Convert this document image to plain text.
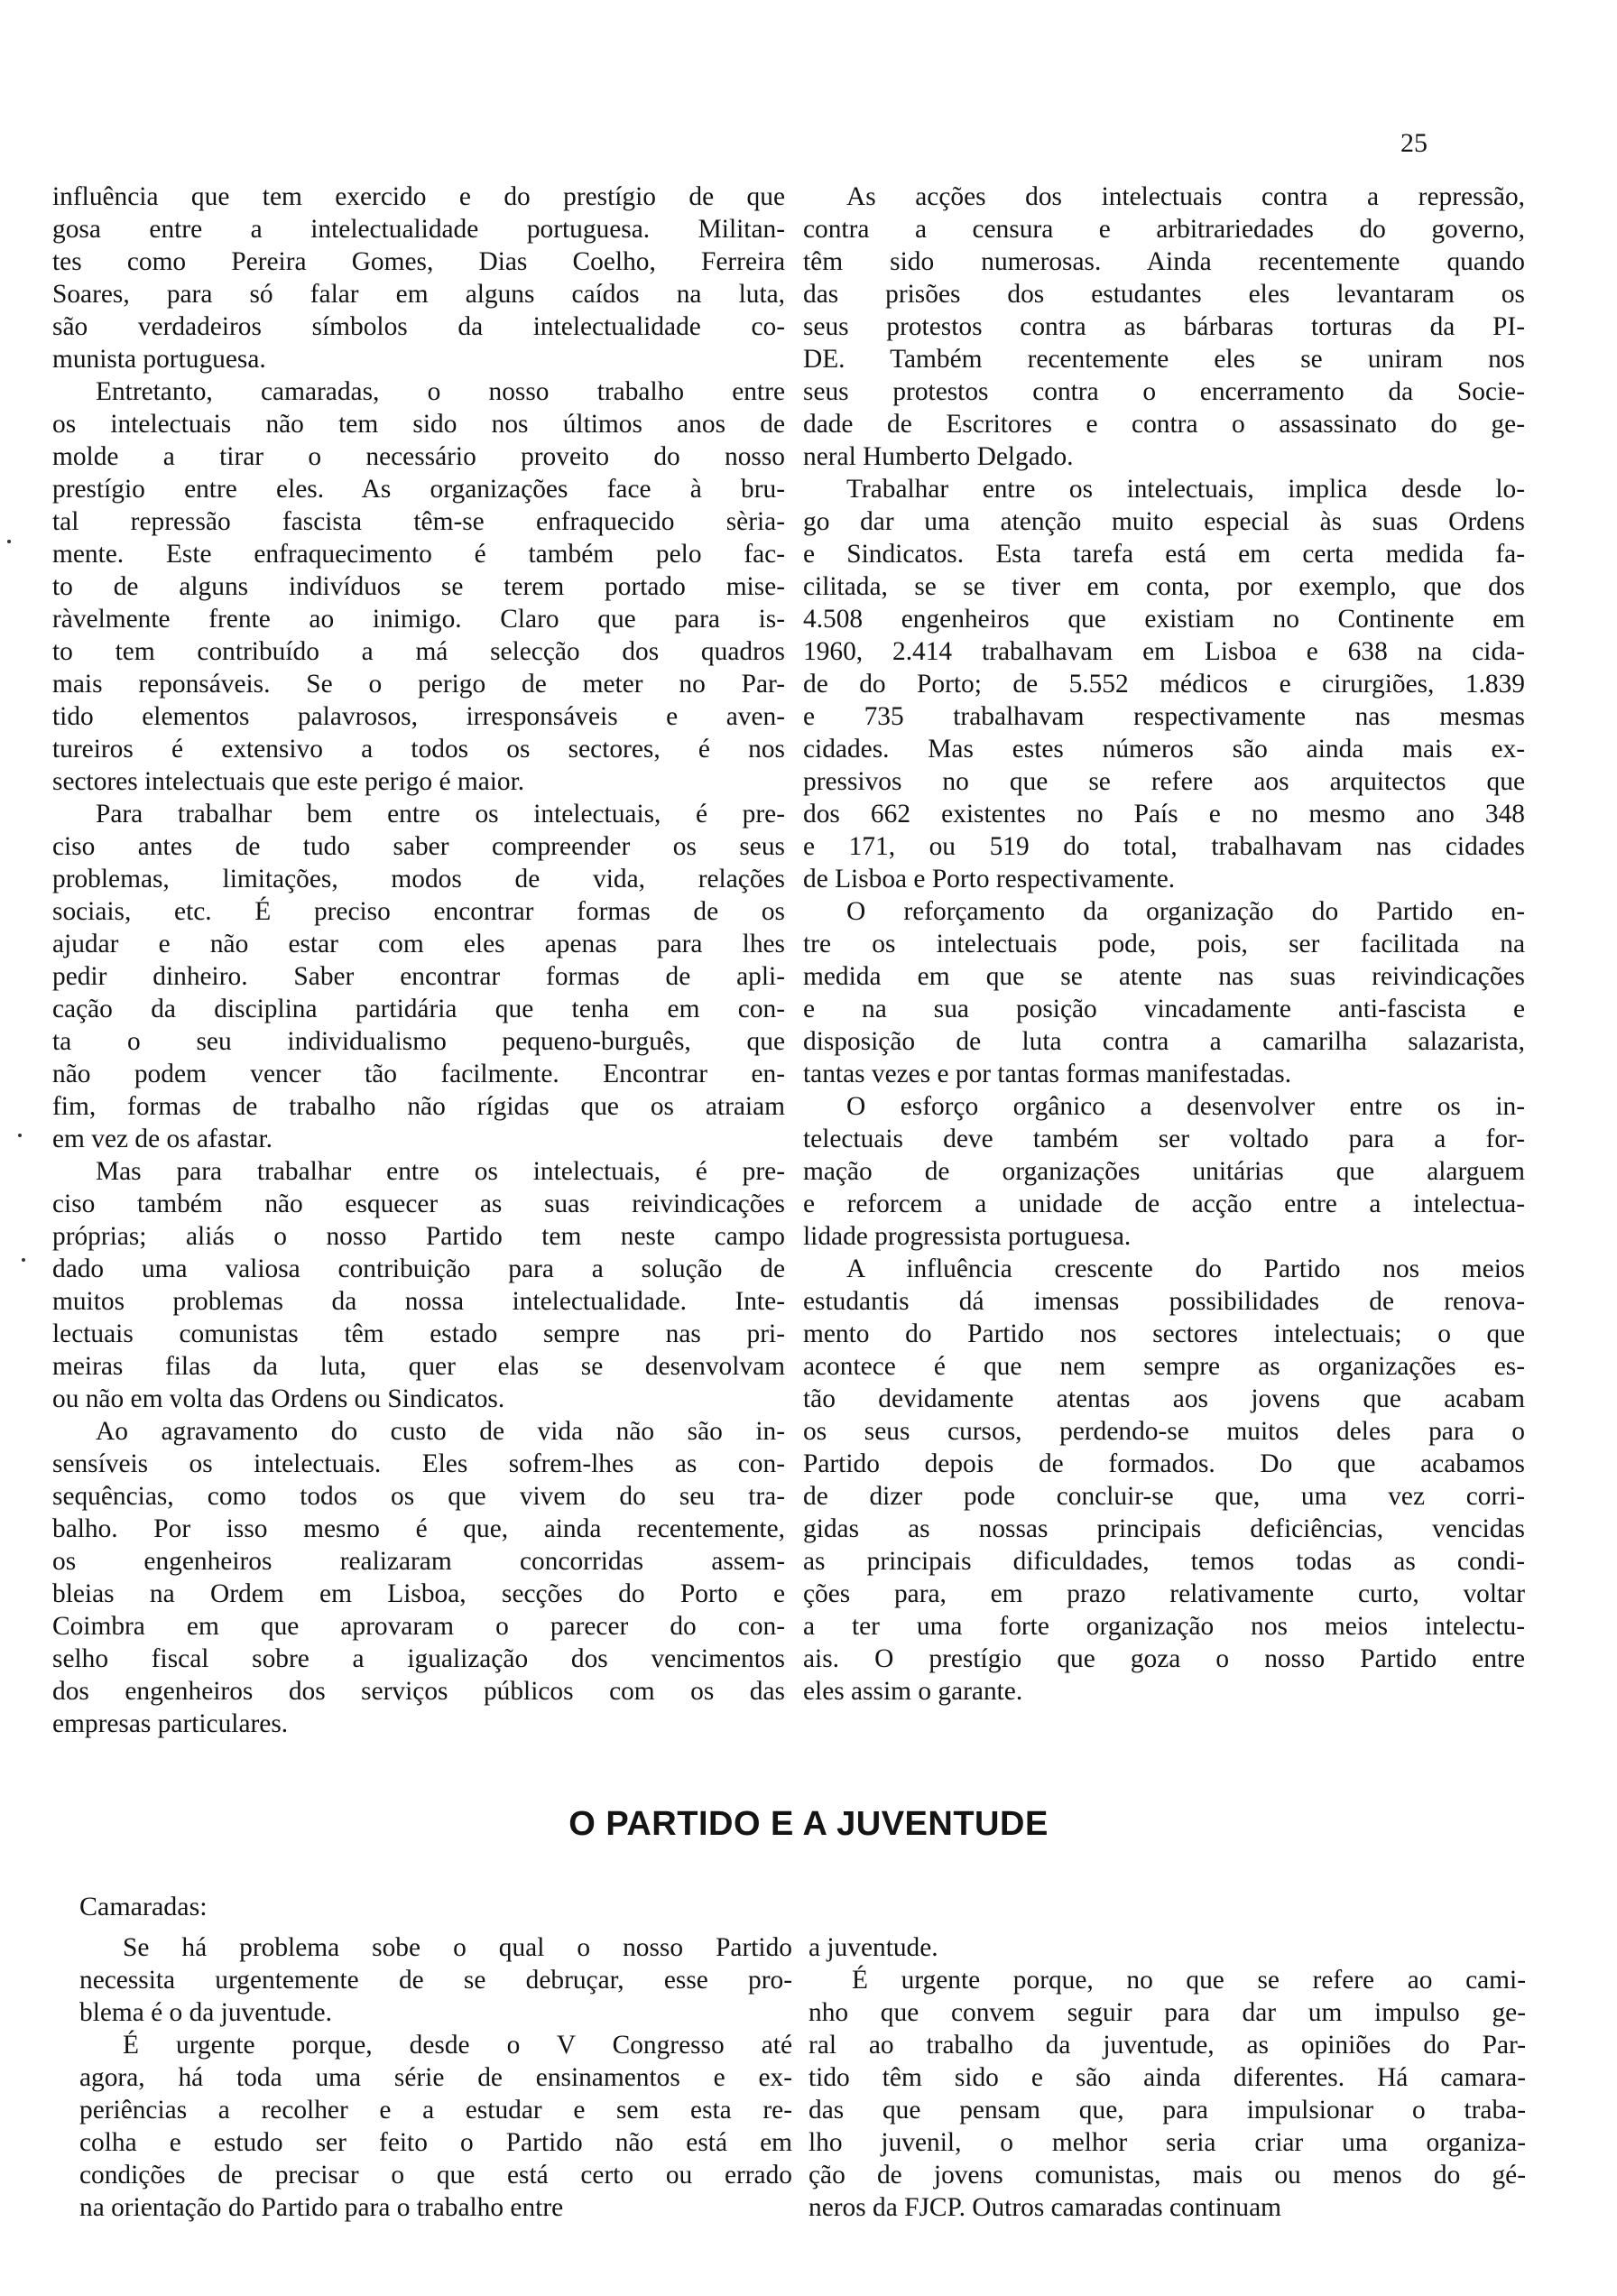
25

influência que tem exercido e do prestígio de que
gosa entre a intelectualidade portuguesa. Militan-
tes como Pereira Gomes, Dias Coelho, Ferreira
Soares, para só falar em alguns caídos na luta,
são verdadeiros símbolos da intelectualidade co-
munista portuguesa.

Entretanto, camaradas, o nosso trabalho entre
os intelectuais não tem sido nos últimos anos de
molde a tirar o necessário proveito do nosso
prestígio entre eles. As organizações face à bru-
tal repressão fascista têm-se enfraquecido sèria-
mente. Este enfraquecimento é também pelo fac-
to de alguns indivíduos se terem portado mise-
ràvelmente frente ao inimigo. Claro que para is-
to tem contribuído a má selecção dos quadros
mais reponsáveis. Se o perigo de meter no Par-
tido elementos palavrosos, irresponsáveis e aven-
tureiros é extensivo a todos os sectores, é nos
sectores intelectuais que este perigo é maior.

Para trabalhar bem entre os intelectuais, é pre-
ciso antes de tudo saber compreender os seus
problemas, limitações, modos de vida, relações
sociais, etc. É preciso encontrar formas de os
ajudar e não estar com eles apenas para lhes
pedir dinheiro. Saber encontrar formas de apli-
cação da disciplina partidária que tenha em con-
ta o seu individualismo pequeno-burguês, que
não podem vencer tão facilmente. Encontrar en-
fim, formas de trabalho não rígidas que os atraiam
em vez de os afastar.

Mas para trabalhar entre os intelectuais, é pre-
ciso também não esquecer as suas reivindicações
próprias; aliás o nosso Partido tem neste campo
dado uma valiosa contribuição para a solução de
muitos problemas da nossa intelectualidade. Inte-
lectuais comunistas têm estado sempre nas pri-
meiras filas da luta, quer elas se desenvolvam
ou não em volta das Ordens ou Sindicatos.

Ao agravamento do custo de vida não são in-
sensíveis os intelectuais. Eles sofrem-lhes as con-
sequências, como todos os que vivem do seu tra-
balho. Por isso mesmo é que, ainda recentemente,
os engenheiros realizaram concorridas assem-
bleias na Ordem em Lisboa, secções do Porto e
Coimbra em que aprovaram o parecer do con-
selho fiscal sobre a igualização dos vencimentos
dos engenheiros dos serviços públicos com os das
empresas particulares.

As acções dos intelectuais contra a repressão,
contra a censura e arbitrariedades do governo,
têm sido numerosas. Ainda recentemente quando
das prisões dos estudantes eles levantaram os
seus protestos contra as bárbaras torturas da PI-
DE. Também recentemente eles se uniram nos
seus protestos contra o encerramento da Socie-
dade de Escritores e contra o assassinato do ge-
neral Humberto Delgado.

Trabalhar entre os intelectuais, implica desde lo-
go dar uma atenção muito especial às suas Ordens
e Sindicatos. Esta tarefa está em certa medida fa-
cilitada, se se tiver em conta, por exemplo, que dos
4.508 engenheiros que existiam no Continente em
1960, 2.414 trabalhavam em Lisboa e 638 na cida-
de do Porto; de 5.552 médicos e cirurgiões, 1.839
e 735 trabalhavam respectivamente nas mesmas
cidades. Mas estes números são ainda mais ex-
pressivos no que se refere aos arquitectos que
dos 662 existentes no País e no mesmo ano 348
e 171, ou 519 do total, trabalhavam nas cidades
de Lisboa e Porto respectivamente.

O reforçamento da organização do Partido en-
tre os intelectuais pode, pois, ser facilitada na
medida em que se atente nas suas reivindicações
e na sua posição vincadamente anti-fascista e
disposição de luta contra a camarilha salazarista,
tantas vezes e por tantas formas manifestadas.

O esforço orgânico a desenvolver entre os in-
telectuais deve também ser voltado para a for-
mação de organizações unitárias que alarguem
e reforcem a unidade de acção entre a intelectua-
lidade progressista portuguesa.

A influência crescente do Partido nos meios
estudantis dá imensas possibilidades de renova-
mento do Partido nos sectores intelectuais; o que
acontece é que nem sempre as organizações es-
tão devidamente atentas aos jovens que acabam
os seus cursos, perdendo-se muitos deles para o
Partido depois de formados. Do que acabamos
de dizer pode concluir-se que, uma vez corri-
gidas as nossas principais deficiências, vencidas
as principais dificuldades, temos todas as condi-
ções para, em prazo relativamente curto, voltar
a ter uma forte organização nos meios intelectu-
ais. O prestígio que goza o nosso Partido entre
eles assim o garante.

O PARTIDO E A JUVENTUDE
Camaradas:

Se há problema sobe o qual o nosso Partido
necessita urgentemente de se debruçar, esse pro-
blema é o da juventude.

É urgente porque, desde o V Congresso até
agora, há toda uma série de ensinamentos e ex-
periências a recolher e a estudar e sem esta re-
colha e estudo ser feito o Partido não está em
condições de precisar o que está certo ou errado
na orientação do Partido para o trabalho entre

a juventude.

É urgente porque, no que se refere ao cami-
nho que convem seguir para dar um impulso ge-
ral ao trabalho da juventude, as opiniões do Par-
tido têm sido e são ainda diferentes. Há camara-
das que pensam que, para impulsionar o traba-
lho juvenil, o melhor seria criar uma organiza-
ção de jovens comunistas, mais ou menos do gé-
neros da FJCP. Outros camaradas continuam
